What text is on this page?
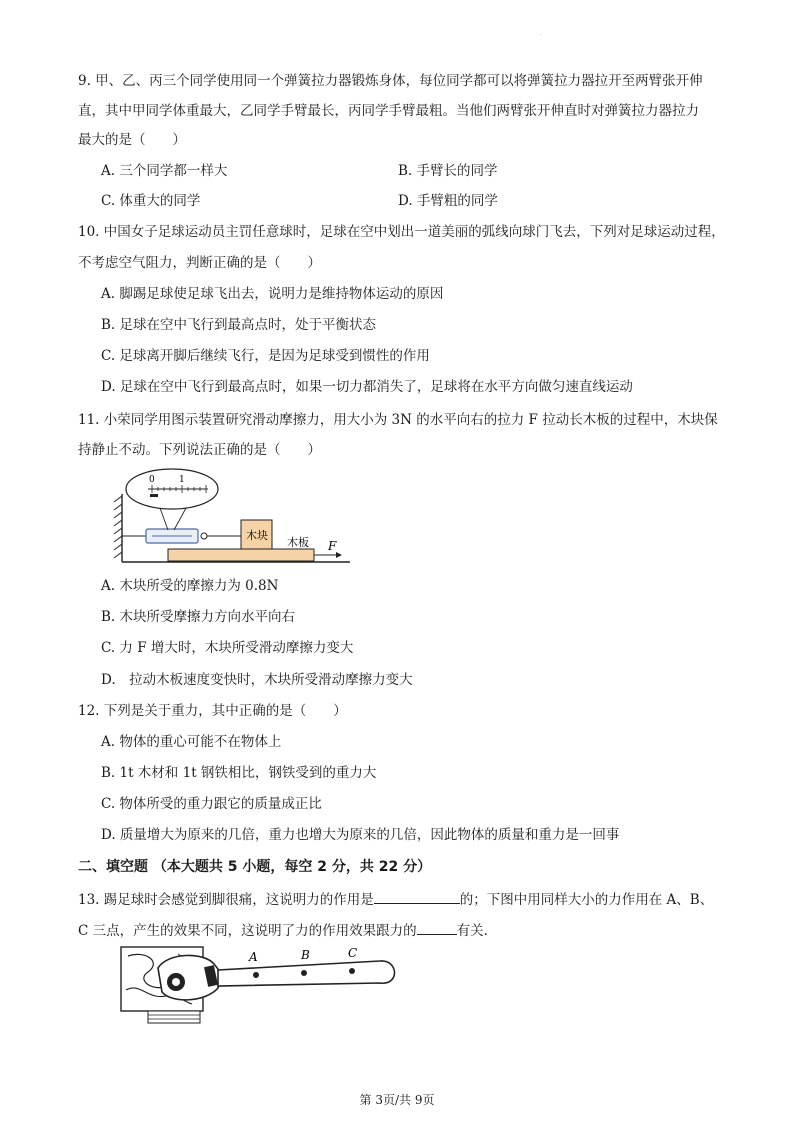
·
9. 甲、乙、丙三个同学使用同一个弹簧拉力器锻炼身体，每位同学都可以将弹簧拉力器拉开至两臂张开伸
直，其中甲同学体重最大，乙同学手臂最长，丙同学手臂最粗。当他们两臂张开伸直时对弹簧拉力器拉力
最大的是（　　）
A. 三个同学都一样大	B. 手臂长的同学
C. 体重大的同学	D. 手臂粗的同学
10. 中国女子足球运动员主罚任意球时，足球在空中划出一道美丽的弧线向球门飞去，下列对足球运动过程，
不考虑空气阻力，判断正确的是（　　）
A. 脚踢足球使足球飞出去，说明力是维持物体运动的原因
B. 足球在空中飞行到最高点时，处于平衡状态
C. 足球离开脚后继续飞行，是因为足球受到惯性的作用
D. 足球在空中飞行到最高点时，如果一切力都消失了，足球将在水平方向做匀速直线运动
11. 小荣同学用图示装置研究滑动摩擦力，用大小为 3N 的水平向右的拉力 F 拉动长木板的过程中，木块保
持静止不动。下列说法正确的是（　　）
0	1
木块
木板 F
A. 木块所受的摩擦力为 0.8N
B. 木块所受摩擦力方向水平向右
C. 力 F 增大时，木块所受滑动摩擦力变大
D.　拉动木板速度变快时，木块所受滑动摩擦力变大
12. 下列是关于重力，其中正确的是（　　）
A. 物体的重心可能不在物体上
B. 1t 木材和 1t 钢铁相比，钢铁受到的重力大
C. 物体所受的重力跟它的质量成正比
D. 质量增大为原来的几倍，重力也增大为原来的几倍，因此物体的质量和重力是一回事
二、填空题 （本大题共 5 小题，每空 2 分，共 22 分）
13. 踢足球时会感觉到脚很痛，这说明力的作用是	的；下图中用同样大小的力作用在 A、B、
C 三点，产生的效果不同，这说明了力的作用效果跟力的	有关.
A	B	C
第 3页/共 9页
